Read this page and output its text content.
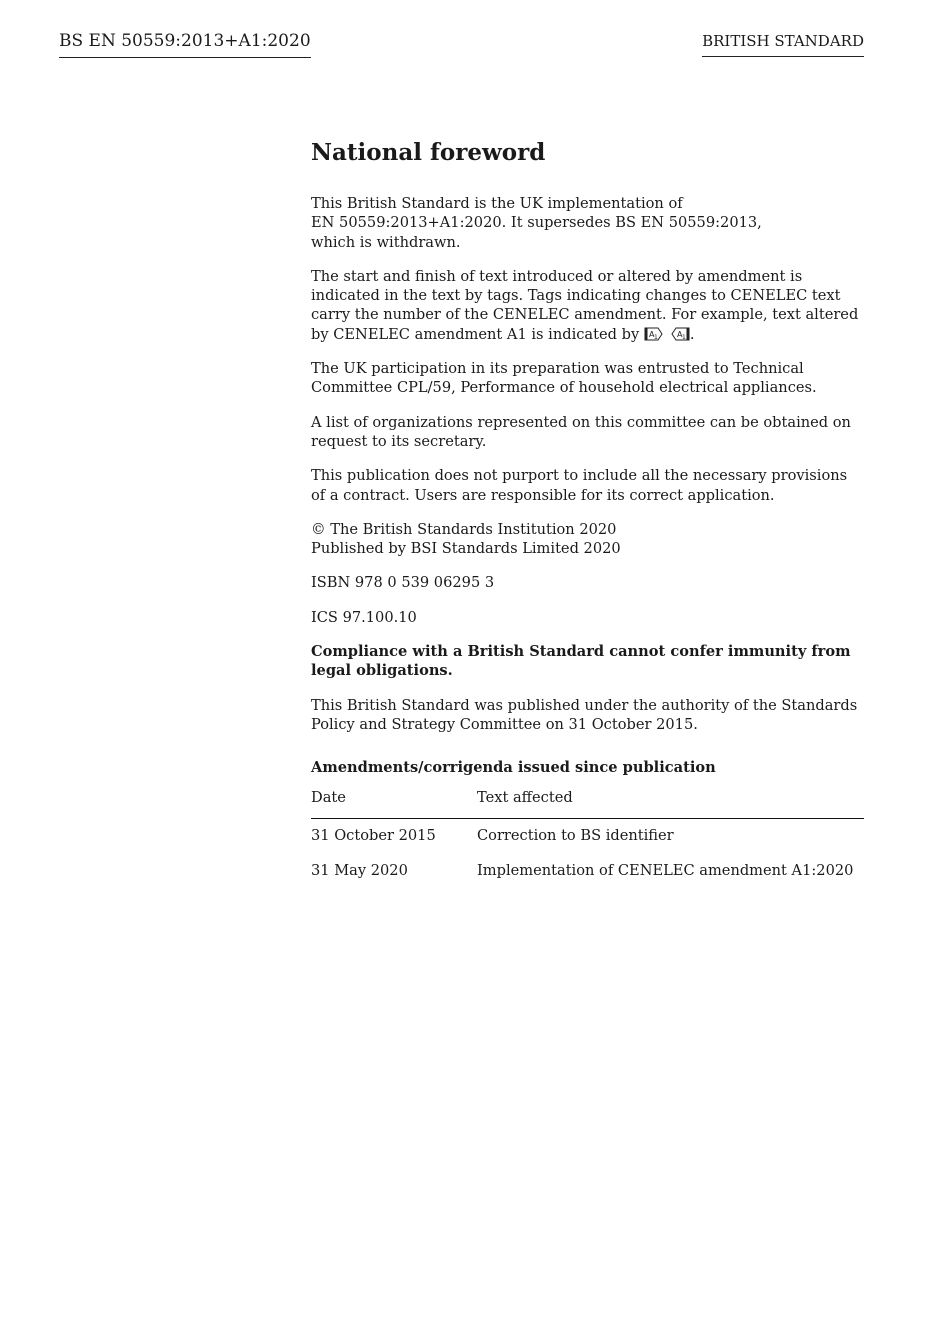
BS EN 50559:2013+A1:2020	BRITISH STANDARD
National foreword

This British Standard is the UK implementation of
EN 50559:2013+A1:2020. It supersedes BS EN 50559:2013,
which is withdrawn.

The start and finish of text introduced or altered by amendment is indicated in the text by tags. Tags indicating changes to CENELEC text carry the number of the CENELEC amendment. For example, text altered by CENELEC amendment A1 is indicated by A 1 A 1 .

The UK participation in its preparation was entrusted to Technical Committee CPL/59, Performance of household electrical appliances.

A list of organizations represented on this committee can be obtained on request to its secretary.

This publication does not purport to include all the necessary provisions of a contract. Users are responsible for its correct application.

© The British Standards Institution 2020
Published by BSI Standards Limited 2020

ISBN 978 0 539 06295 3

ICS 97.100.10

Compliance with a British Standard cannot confer immunity from legal obligations.

This British Standard was published under the authority of the Standards Policy and Strategy Committee on 31 October 2015.

Amendments/corrigenda issued since publication
Date	Text affected
31 October 2015	Correction to BS identifier
31 May 2020	Implementation of CENELEC amendment A1:2020
